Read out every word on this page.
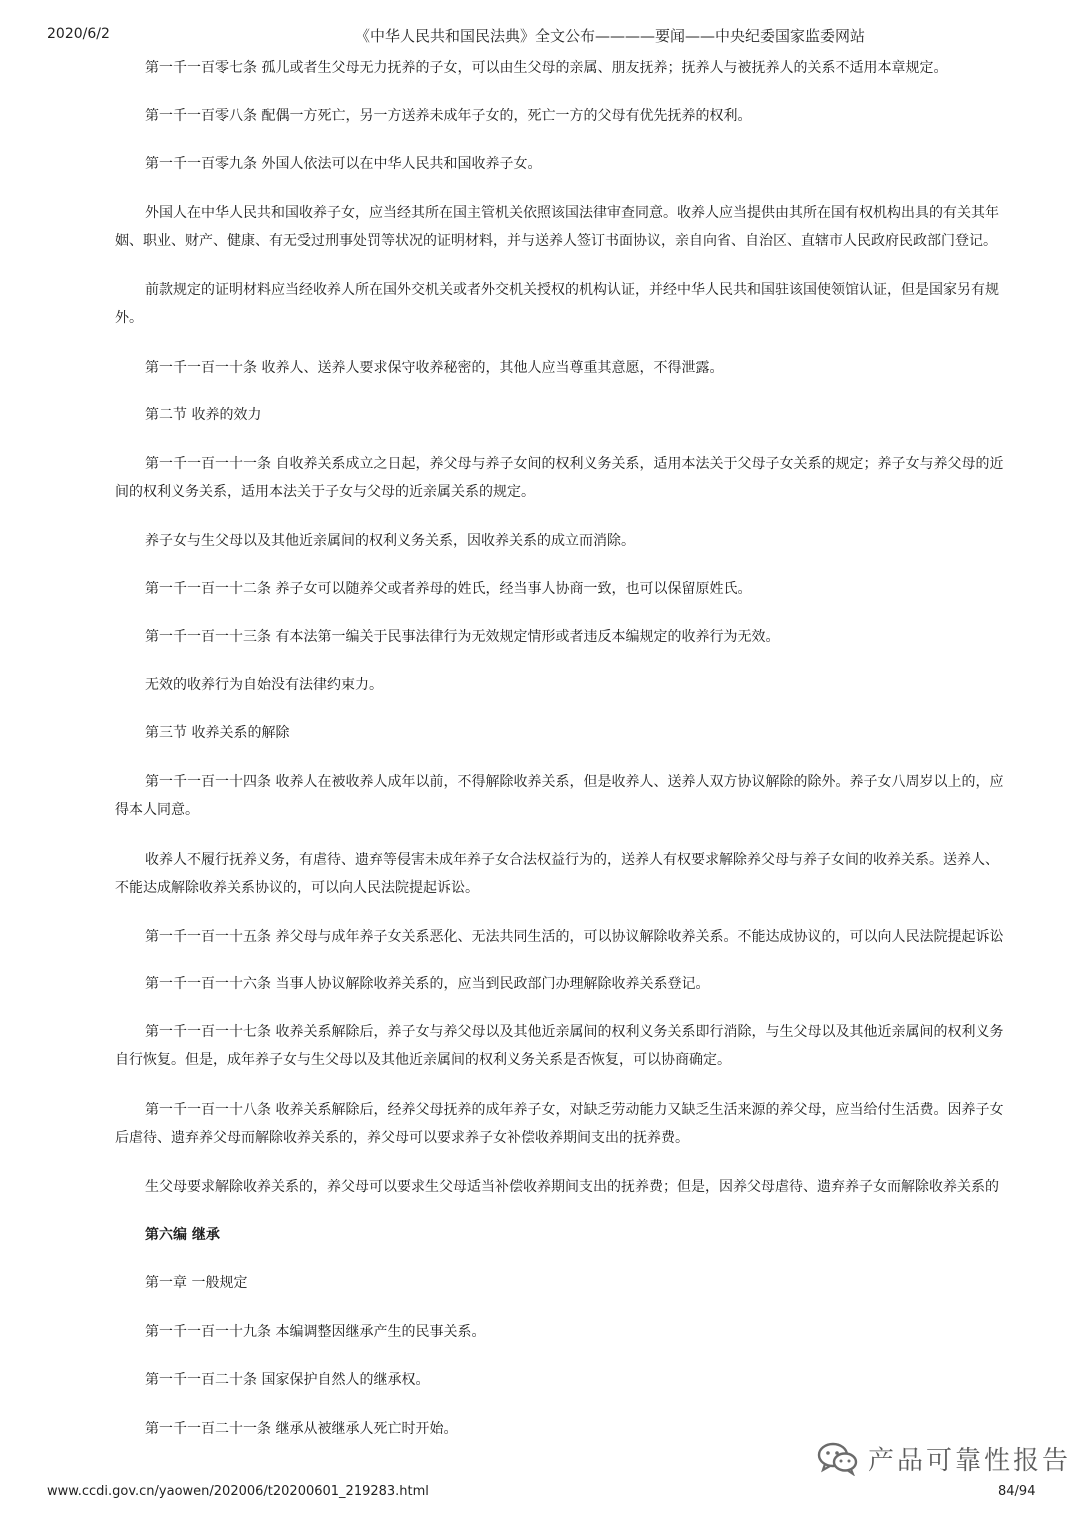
2020/6/2	《中华人民共和国民法典》全文公布————要闻——中央纪委国家监委网站
第一千一百零七条 孤儿或者生父母无力抚养的子女，可以由生父母的亲属、朋友抚养；抚养人与被抚养人的关系不适用本章规定。
第一千一百零八条 配偶一方死亡，另一方送养未成年子女的，死亡一方的父母有优先抚养的权利。
第一千一百零九条 外国人依法可以在中华人民共和国收养子女。
外国人在中华人民共和国收养子女，应当经其所在国主管机关依照该国法律审查同意。收养人应当提供由其所在国有权机构出具的有关其年
姻、职业、财产、健康、有无受过刑事处罚等状况的证明材料，并与送养人签订书面协议，亲自向省、自治区、直辖市人民政府民政部门登记。
前款规定的证明材料应当经收养人所在国外交机关或者外交机关授权的机构认证，并经中华人民共和国驻该国使领馆认证，但是国家另有规
外。
第一千一百一十条 收养人、送养人要求保守收养秘密的，其他人应当尊重其意愿，不得泄露。
第二节 收养的效力
第一千一百一十一条 自收养关系成立之日起，养父母与养子女间的权利义务关系，适用本法关于父母子女关系的规定；养子女与养父母的近
间的权利义务关系，适用本法关于子女与父母的近亲属关系的规定。
养子女与生父母以及其他近亲属间的权利义务关系，因收养关系的成立而消除。
第一千一百一十二条 养子女可以随养父或者养母的姓氏，经当事人协商一致，也可以保留原姓氏。
第一千一百一十三条 有本法第一编关于民事法律行为无效规定情形或者违反本编规定的收养行为无效。
无效的收养行为自始没有法律约束力。
第三节 收养关系的解除
第一千一百一十四条 收养人在被收养人成年以前，不得解除收养关系，但是收养人、送养人双方协议解除的除外。养子女八周岁以上的，应
得本人同意。
收养人不履行抚养义务，有虐待、遗弃等侵害未成年养子女合法权益行为的，送养人有权要求解除养父母与养子女间的收养关系。送养人、
不能达成解除收养关系协议的，可以向人民法院提起诉讼。
第一千一百一十五条 养父母与成年养子女关系恶化、无法共同生活的，可以协议解除收养关系。不能达成协议的，可以向人民法院提起诉讼
第一千一百一十六条 当事人协议解除收养关系的，应当到民政部门办理解除收养关系登记。
第一千一百一十七条 收养关系解除后，养子女与养父母以及其他近亲属间的权利义务关系即行消除，与生父母以及其他近亲属间的权利义务
自行恢复。但是，成年养子女与生父母以及其他近亲属间的权利义务关系是否恢复，可以协商确定。
第一千一百一十八条 收养关系解除后，经养父母抚养的成年养子女，对缺乏劳动能力又缺乏生活来源的养父母，应当给付生活费。因养子女
后虐待、遗弃养父母而解除收养关系的，养父母可以要求养子女补偿收养期间支出的抚养费。
生父母要求解除收养关系的，养父母可以要求生父母适当补偿收养期间支出的抚养费；但是，因养父母虐待、遗弃养子女而解除收养关系的
第六编 继承
第一章 一般规定
第一千一百一十九条 本编调整因继承产生的民事关系。
第一千一百二十条 国家保护自然人的继承权。
第一千一百二十一条 继承从被继承人死亡时开始。
产品可靠性报告
www.ccdi.gov.cn/yaowen/202006/t20200601_219283.html	84/94
